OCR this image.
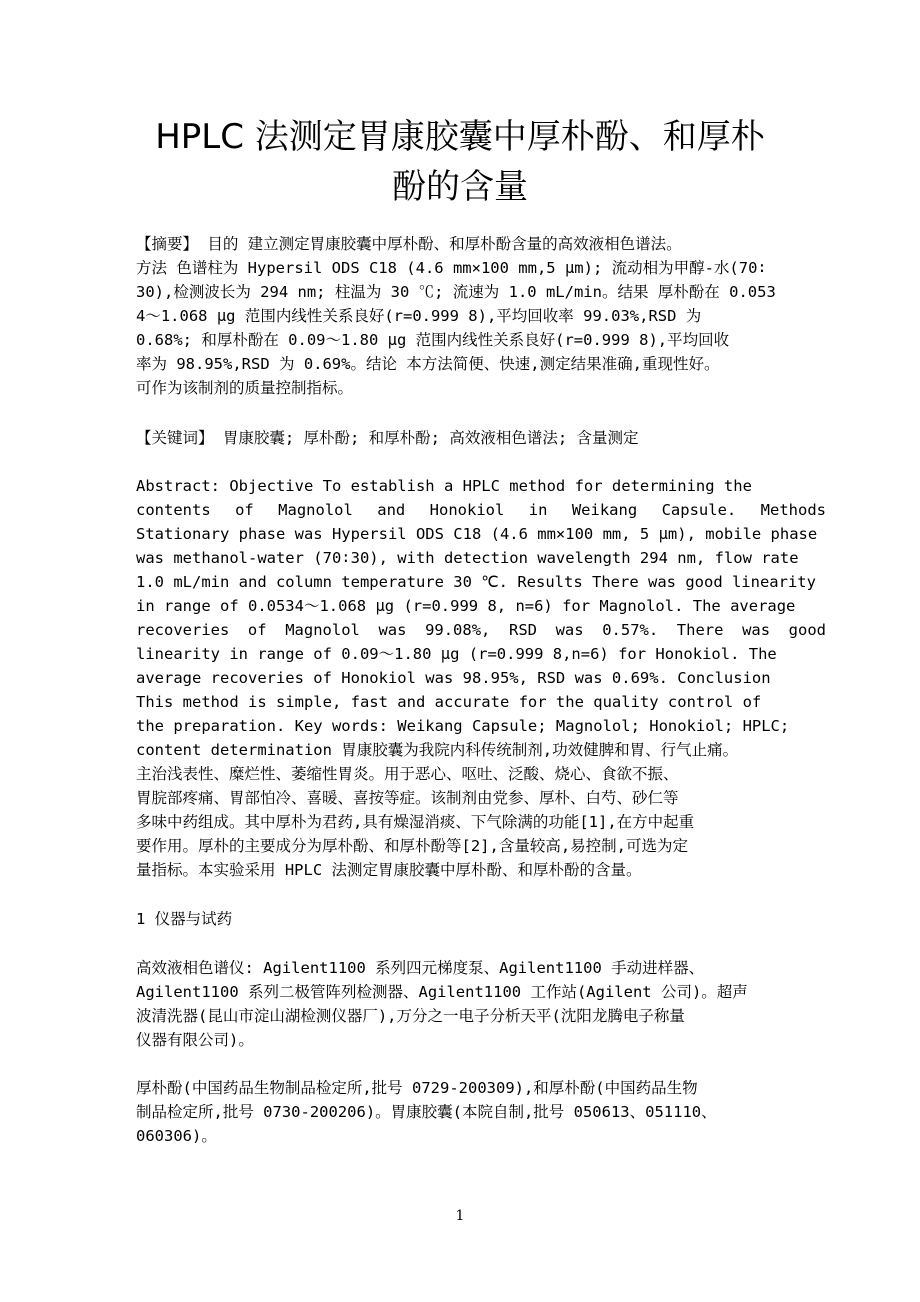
HPLC 法测定胃康胶囊中厚朴酚、和厚朴
酚的含量
【摘要】 目的 建立测定胃康胶囊中厚朴酚、和厚朴酚含量的高效液相色谱法。
方法 色谱柱为 Hypersil ODS C18 (4.6 mm×100 mm,5 μm); 流动相为甲醇-水(70∶
30),检测波长为 294 nm; 柱温为 30 ℃; 流速为 1.0 mL/min。结果 厚朴酚在 0.053
4～1.068 μg 范围内线性关系良好(r=0.999 8),平均回收率 99.03%,RSD 为
0.68%; 和厚朴酚在 0.09～1.80 μg 范围内线性关系良好(r=0.999 8),平均回收
率为 98.95%,RSD 为 0.69%。结论 本方法简便、快速,测定结果准确,重现性好。
可作为该制剂的质量控制指标。
【关键词】 胃康胶囊; 厚朴酚; 和厚朴酚; 高效液相色谱法; 含量测定
Abstract: Objective To establish a HPLC method for determining the
contents of Magnolol and Honokiol in Weikang Capsule. Methods
Stationary phase was Hypersil ODS C18 (4.6 mm×100 mm, 5 μm), mobile phase
was methanol-water (70∶30), with detection wavelength 294 nm, flow rate
1.0 mL/min and column temperature 30 ℃. Results There was good linearity
in range of 0.0534～1.068 μg (r=0.999 8, n=6) for Magnolol. The average
recoveries of Magnolol was 99.08%, RSD was 0.57%. There was good
linearity in range of 0.09～1.80 μg (r=0.999 8,n=6) for Honokiol. The
average recoveries of Honokiol was 98.95%, RSD was 0.69%. Conclusion
This method is simple, fast and accurate for the quality control of
the preparation. Key words: Weikang Capsule; Magnolol; Honokiol; HPLC;
content determination 胃康胶囊为我院内科传统制剂,功效健脾和胃、行气止痛。
主治浅表性、糜烂性、萎缩性胃炎。用于恶心、呕吐、泛酸、烧心、食欲不振、
胃脘部疼痛、胃部怕冷、喜暖、喜按等症。该制剂由党参、厚朴、白芍、砂仁等
多味中药组成。其中厚朴为君药,具有燥湿消痰、下气除满的功能[1],在方中起重
要作用。厚朴的主要成分为厚朴酚、和厚朴酚等[2],含量较高,易控制,可选为定
量指标。本实验采用 HPLC 法测定胃康胶囊中厚朴酚、和厚朴酚的含量。
1 仪器与试药
高效液相色谱仪: Agilent1100 系列四元梯度泵、Agilent1100 手动进样器、
Agilent1100 系列二极管阵列检测器、Agilent1100 工作站(Agilent 公司)。超声
波清洗器(昆山市淀山湖检测仪器厂),万分之一电子分析天平(沈阳龙腾电子称量
仪器有限公司)。
厚朴酚(中国药品生物制品检定所,批号 0729-200309),和厚朴酚(中国药品生物
制品检定所,批号 0730-200206)。胃康胶囊(本院自制,批号 050613、051110、
060306)。
1
